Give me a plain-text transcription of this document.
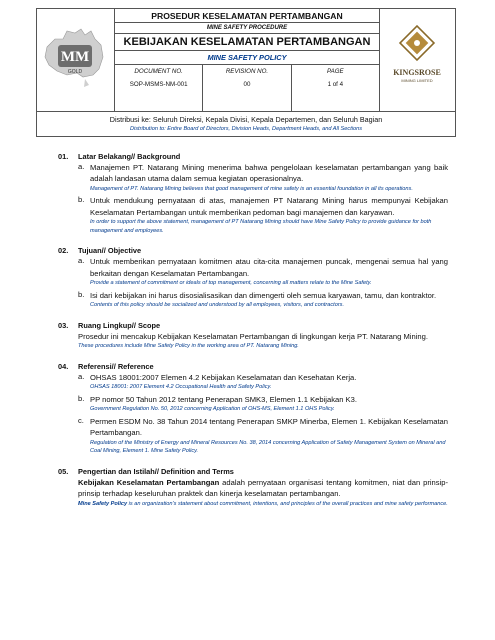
MM
GOLD
PROSEDUR KESELAMATAN PERTAMBANGAN
MINE SAFETY PROCEDURE
KEBIJAKAN KESELAMATAN PERTAMBANGAN
MINE SAFETY POLICY
DOCUMENT NO.
SOP-MSMS-NM-001
REVISION NO.
00
PAGE
1 of 4
KINGSROSE
MINING LIMITED
Distribusi ke: Seluruh Direksi, Kepala Divisi, Kepala Departemen, dan Seluruh Bagian
Distribution to: Entire Board of Directors, Division Heads, Department Heads, and All Sections
01. Latar Belakang// Background
a. Manajemen PT. Natarang Mining menerima bahwa pengelolaan keselamatan pertambangan yang baik adalah landasan utama dalam semua kegiatan operasionalnya.
Management of PT. Natarang Mining believes that good management of mine safety is an essential foundation in all its operations.
b. Untuk mendukung pernyataan di atas, manajemen PT Natarang Mining harus mempunyai Kebijakan Keselamatan Pertambangan untuk memberikan pedoman bagi manajemen dan karyawan.
In order to support the above statement, management of PT Natarang Mining should have Mine Safety Policy to provide guidance for both management and employees.
02. Tujuan// Objective
a. Untuk memberikan pernyataan komitmen atau cita-cita manajemen puncak, mengenai semua hal yang berkaitan dengan Keselamatan Pertambangan.
Provide a statement of commitment or ideals of top management, concerning all matters relate to the Mine Safety.
b. Isi dari kebijakan ini harus disosialisasikan dan dimengerti oleh semua karyawan, tamu, dan kontraktor.
Contents of this policy should be socialized and understood by all employees, visitors, and contractors.
03. Ruang Lingkup// Scope
Prosedur ini mencakup Kebijakan Keselamatan Pertambangan di lingkungan kerja PT. Natarang Mining.
These procedures include Mine Safety Policy in the working area of PT. Natarang Mining.
04. Referensi// Reference
a. OHSAS 18001:2007 Elemen 4.2 Kebijakan Keselamatan dan Kesehatan Kerja.
OHSAS 18001: 2007 Element 4.2 Occupational Health and Safety Policy.
b. PP nomor 50 Tahun 2012 tentang Penerapan SMK3, Elemen 1.1 Kebijakan K3.
Government Regulation No. 50, 2012 concerning Application of OHS-MS, Element 1.1 OHS Policy.
c. Permen ESDM No. 38 Tahun 2014 tentang Penerapan SMKP Minerba, Elemen 1. Kebijakan Keselamatan Pertambangan.
Regulation of the Ministry of Energy and Mineral Resources No. 38, 2014 concerning Application of Safety Management System on Mineral and Coal Mining, Element 1. Mine Safety Policy.
05. Pengertian dan Istilah// Definition and Terms
Kebijakan Keselamatan Pertambangan adalah pernyataan organisasi tentang komitmen, niat dan prinsip-prinsip terhadap keseluruhan praktek dan kinerja keselamatan pertambangan.
Mine Safety Policy is an organization's statement about commitment, intentions, and principles of the overall practices and mine safety performance.
